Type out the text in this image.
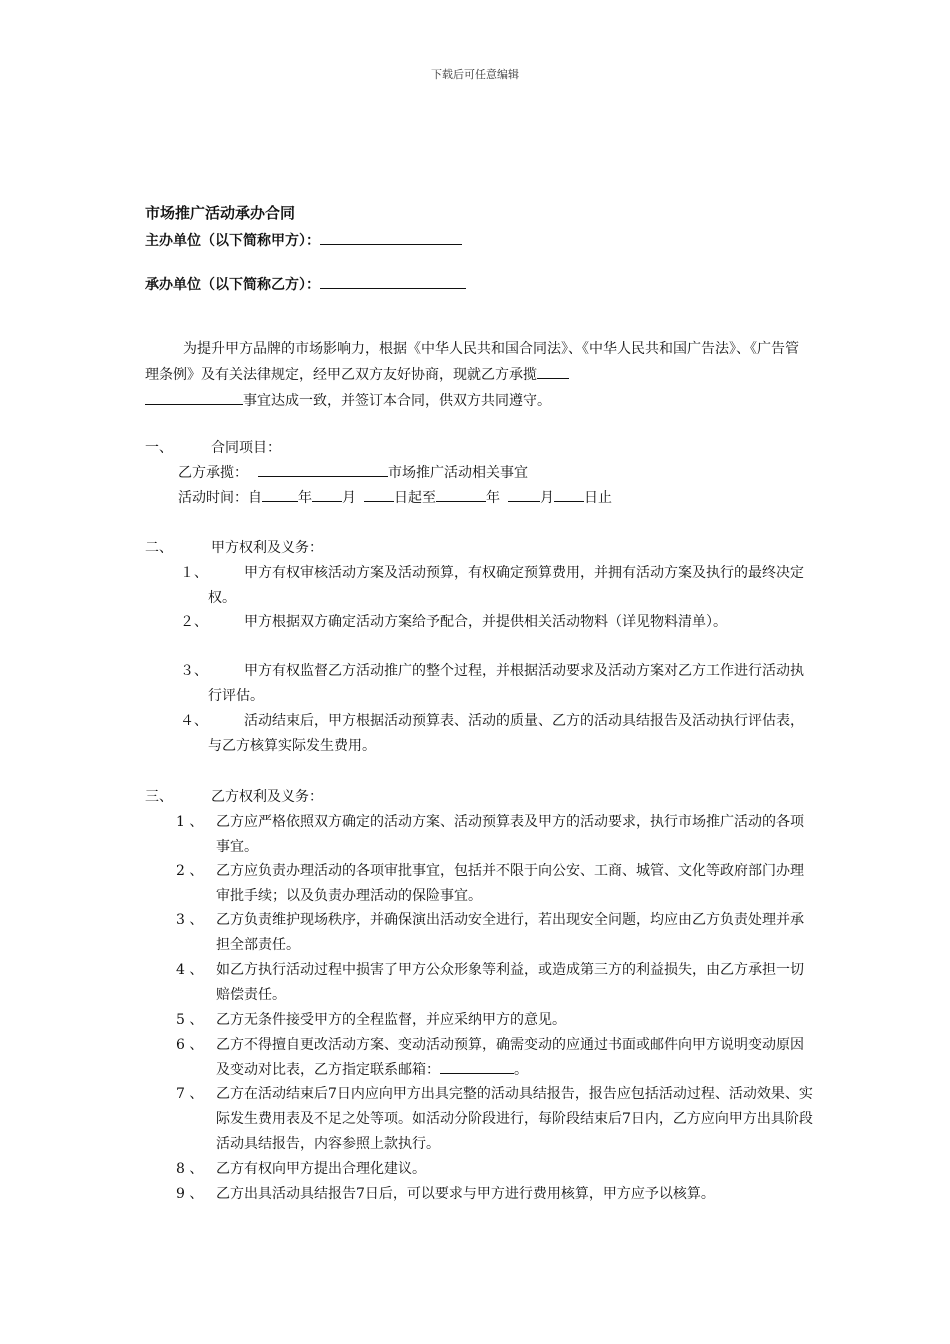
下载后可任意编辑
市场推广活动承办合同
主办单位（以下简称甲方）：
承办单位（以下简称乙方）：
为提升甲方品牌的市场影响力，根据《中华人民共和国合同法》、《中华人民共和国广告法》、《广告管理条例》及有关法律规定，经甲乙双方友好协商，现就乙方承揽
事宜达成一致，并签订本合同，供双方共同遵守。
一、	合同项目：
乙方承揽：	市场推广活动相关事宜
活动时间：自	年 月	日起至	年	月 日止
二、	甲方权利及义务：
１、	甲方有权审核活动方案及活动预算，有权确定预算费用，并拥有活动方案及执行的最终决定权。
２、	甲方根据双方确定活动方案给予配合，并提供相关活动物料（详见物料清单）。
３、	甲方有权监督乙方活动推广的整个过程，并根据活动要求及活动方案对乙方工作进行活动执行评估。
４、	活动结束后，甲方根据活动预算表、活动的质量、乙方的活动具结报告及活动执行评估表，与乙方核算实际发生费用。
三、	乙方权利及义务：
1 、 乙方应严格依照双方确定的活动方案、活动预算表及甲方的活动要求，执行市场推广活动的各项事宜。
2 、 乙方应负责办理活动的各项审批事宜，包括并不限于向公安、工商、城管、文化等政府部门办理审批手续；以及负责办理活动的保险事宜。
3 、 乙方负责维护现场秩序，并确保演出活动安全进行，若出现安全问题，均应由乙方负责处理并承担全部责任。
4 、 如乙方执行活动过程中损害了甲方公众形象等利益，或造成第三方的利益损失，由乙方承担一切赔偿责任。
5 、 乙方无条件接受甲方的全程监督，并应采纳甲方的意见。
6 、 乙方不得擅自更改活动方案、变动活动预算，确需变动的应通过书面或邮件向甲方说明变动原因及变动对比表，乙方指定联系邮箱：	。
7 、 乙方在活动结束后7日内应向甲方出具完整的活动具结报告，报告应包括活动过程、活动效果、实际发生费用表及不足之处等项。如活动分阶段进行，每阶段结束后7日内，乙方应向甲方出具阶段活动具结报告，内容参照上款执行。
8 、 乙方有权向甲方提出合理化建议。
9 、 乙方出具活动具结报告7日后，可以要求与甲方进行费用核算，甲方应予以核算。
